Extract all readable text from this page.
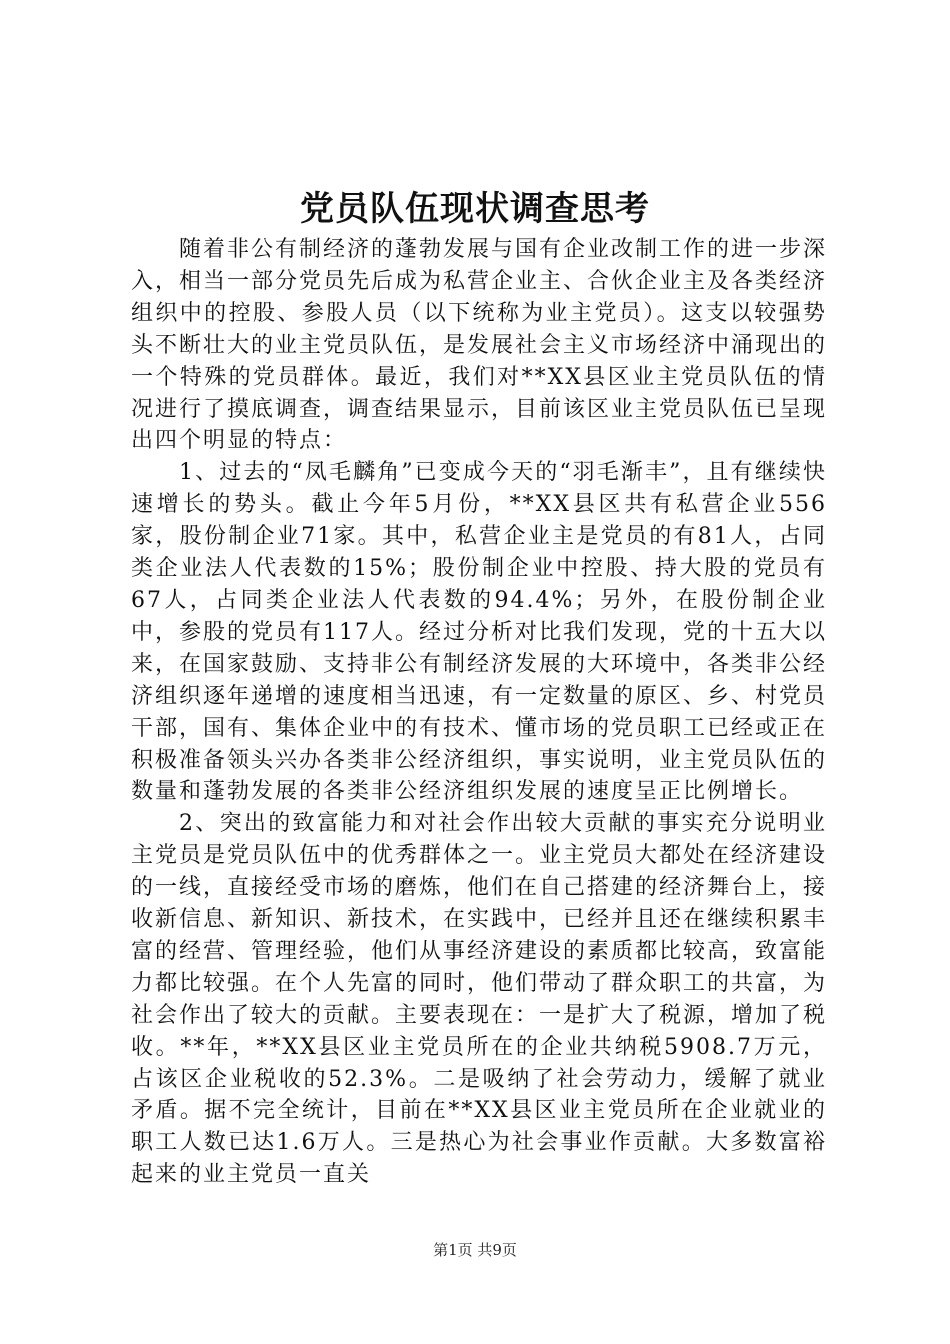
党员队伍现状调查思考

随着非公有制经济的蓬勃发展与国有企业改制工作的进一步深入，相当一部分党员先后成为私营企业主、合伙企业主及各类经济组织中的控股、参股人员（以下统称为业主党员）。这支以较强势头不断壮大的业主党员队伍，是发展社会主义市场经济中涌现出的一个特殊的党员群体。最近，我们对**XX县区业主党员队伍的情况进行了摸底调查，调查结果显示，目前该区业主党员队伍已呈现出四个明显的特点：

1、过去的“凤毛麟角”已变成今天的“羽毛渐丰”，且有继续快速增长的势头。截止今年5月份，**XX县区共有私营企业556家，股份制企业71家。其中，私营企业主是党员的有81人，占同类企业法人代表数的15%；股份制企业中控股、持大股的党员有67人，占同类企业法人代表数的94.4%；另外，在股份制企业中，参股的党员有117人。经过分析对比我们发现，党的十五大以来，在国家鼓励、支持非公有制经济发展的大环境中，各类非公经济组织逐年递增的速度相当迅速，有一定数量的原区、乡、村党员干部，国有、集体企业中的有技术、懂市场的党员职工已经或正在积极准备领头兴办各类非公经济组织，事实说明，业主党员队伍的数量和蓬勃发展的各类非公经济组织发展的速度呈正比例增长。

2、突出的致富能力和对社会作出较大贡献的事实充分说明业主党员是党员队伍中的优秀群体之一。业主党员大都处在经济建设的一线，直接经受市场的磨炼，他们在自己搭建的经济舞台上，接收新信息、新知识、新技术，在实践中，已经并且还在继续积累丰富的经营、管理经验，他们从事经济建设的素质都比较高，致富能力都比较强。在个人先富的同时，他们带动了群众职工的共富，为社会作出了较大的贡献。主要表现在：一是扩大了税源，增加了税收。**年，**XX县区业主党员所在的企业共纳税5908.7万元，占该区企业税收的52.3%。二是吸纳了社会劳动力，缓解了就业矛盾。据不完全统计，目前在**XX县区业主党员所在企业就业的职工人数已达1.6万人。三是热心为社会事业作贡献。大多数富裕起来的业主党员一直关

第1页 共9页
